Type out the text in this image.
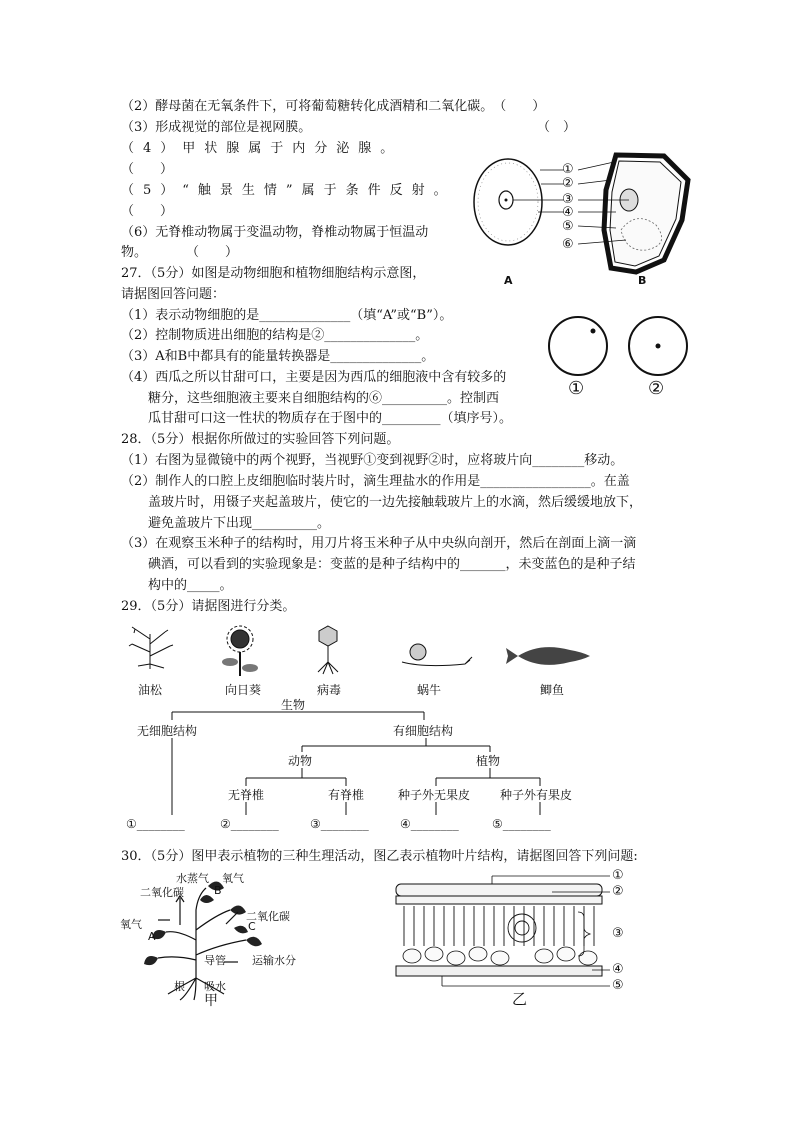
（2）酵母菌在无氧条件下，可将葡萄糖转化成酒精和二氧化碳。　（　　）
（3）形成视觉的部位是视网膜。	（　）
（4）甲状腺属于内分泌腺。
（　　）
（5）“触景生情”属于条件反射。
（　　）
（6）无脊椎动物属于变温动物，脊椎动物属于恒温动
物。　　　　（　　）
①
②
③
④
⑤
⑥
A	B
27．（5分）如图是动物细胞和植物细胞结构示意图，
请据图回答问题：
（1）表示动物细胞的是______________（填“A”或“B”）。
（2）控制物质进出细胞的结构是②______________。
（3）A和B中都具有的能量转换器是______________。
（4）西瓜之所以甘甜可口，主要是因为西瓜的细胞液中含有较多的
糖分，这些细胞液主要来自细胞结构的⑥__________。控制西
瓜甘甜可口这一性状的物质存在于图中的_________（填序号）。
①	②
28．（5分）根据你所做过的实验回答下列问题。
（1）右图为显微镜中的两个视野，当视野①变到视野②时，应将玻片向________移动。
（2）制作人的口腔上皮细胞临时装片时，滴生理盐水的作用是_________________。在盖
盖玻片时，用镊子夹起盖玻片，使它的一边先接触载玻片上的水滴，然后缓缓地放下，
避免盖玻片下出现__________。
（3）在观察玉米种子的结构时，用刀片将玉米种子从中央纵向剖开，然后在剖面上滴一滴
碘酒，可以看到的实验现象是：变蓝的是种子结构中的_______，未变蓝色的是种子结
构中的_____。
29．（5分）请据图进行分类。
油松	向日葵	病毒	蜗牛	鲫鱼
生物
无细胞结构	有细胞结构
动物	植物
无脊椎	有脊椎	种子外无果皮 种子外有果皮
①________	②________	③________	④________	⑤________
30．（5分）图甲表示植物的三种生理活动，图乙表示植物叶片结构，请据图回答下列问题:
水蒸气
二氧化碳	B
氧气
氧气
A
二氧化碳
C
导管 运输水分
根 吸水
甲
①
②
③
④
⑤
乙
